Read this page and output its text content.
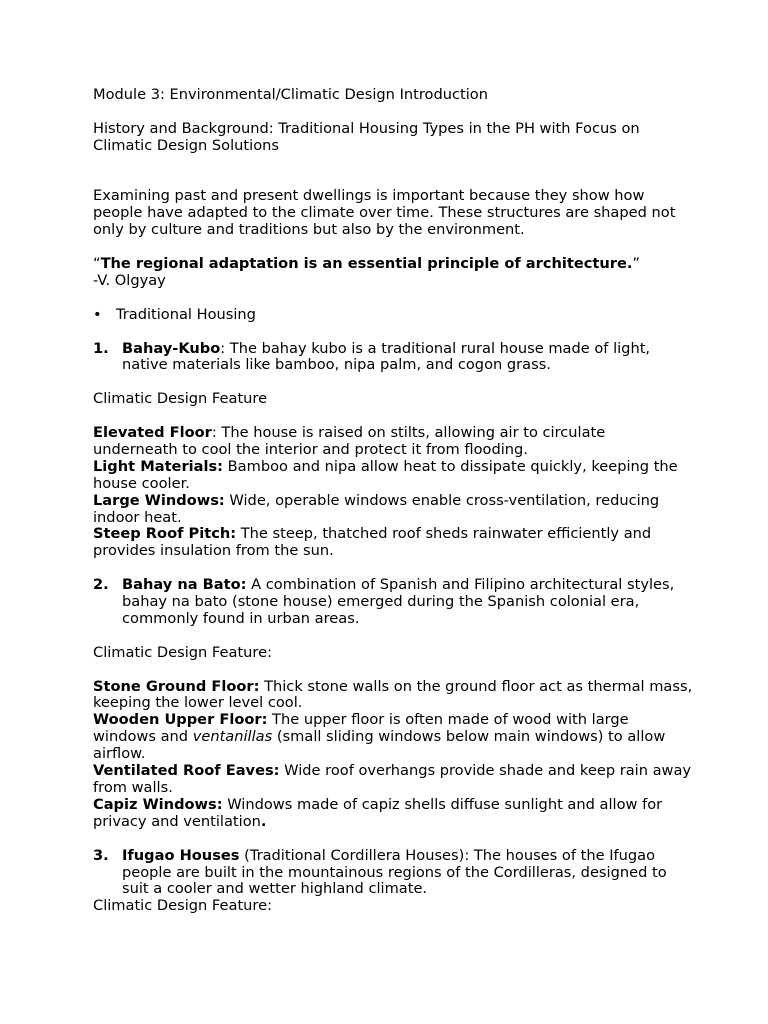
Module 3: Environmental/Climatic Design Introduction

History and Background: Traditional Housing Types in the PH with Focus on Climatic Design Solutions

Examining past and present dwellings is important because they show how people have adapted to the climate over time. These structures are shaped not only by culture and traditions but also by the environment.

“The regional adaptation is an essential principle of architecture.”

-V. Olgyay

• Traditional Housing

1. Bahay-Kubo: The bahay kubo is a traditional rural house made of light, native materials like bamboo, nipa palm, and cogon grass.

Climatic Design Feature

Elevated Floor: The house is raised on stilts, allowing air to circulate underneath to cool the interior and protect it from flooding.

Light Materials: Bamboo and nipa allow heat to dissipate quickly, keeping the house cooler.

Large Windows: Wide, operable windows enable cross-ventilation, reducing indoor heat.

Steep Roof Pitch: The steep, thatched roof sheds rainwater efficiently and provides insulation from the sun.

2. Bahay na Bato: A combination of Spanish and Filipino architectural styles, bahay na bato (stone house) emerged during the Spanish colonial era, commonly found in urban areas.

Climatic Design Feature:

Stone Ground Floor: Thick stone walls on the ground floor act as thermal mass, keeping the lower level cool.

Wooden Upper Floor: The upper floor is often made of wood with large windows and ventanillas (small sliding windows below main windows) to allow airflow.

Ventilated Roof Eaves: Wide roof overhangs provide shade and keep rain away from walls.

Capiz Windows: Windows made of capiz shells diffuse sunlight and allow for privacy and ventilation.

3. Ifugao Houses (Traditional Cordillera Houses): The houses of the Ifugao people are built in the mountainous regions of the Cordilleras, designed to suit a cooler and wetter highland climate.

Climatic Design Feature:
